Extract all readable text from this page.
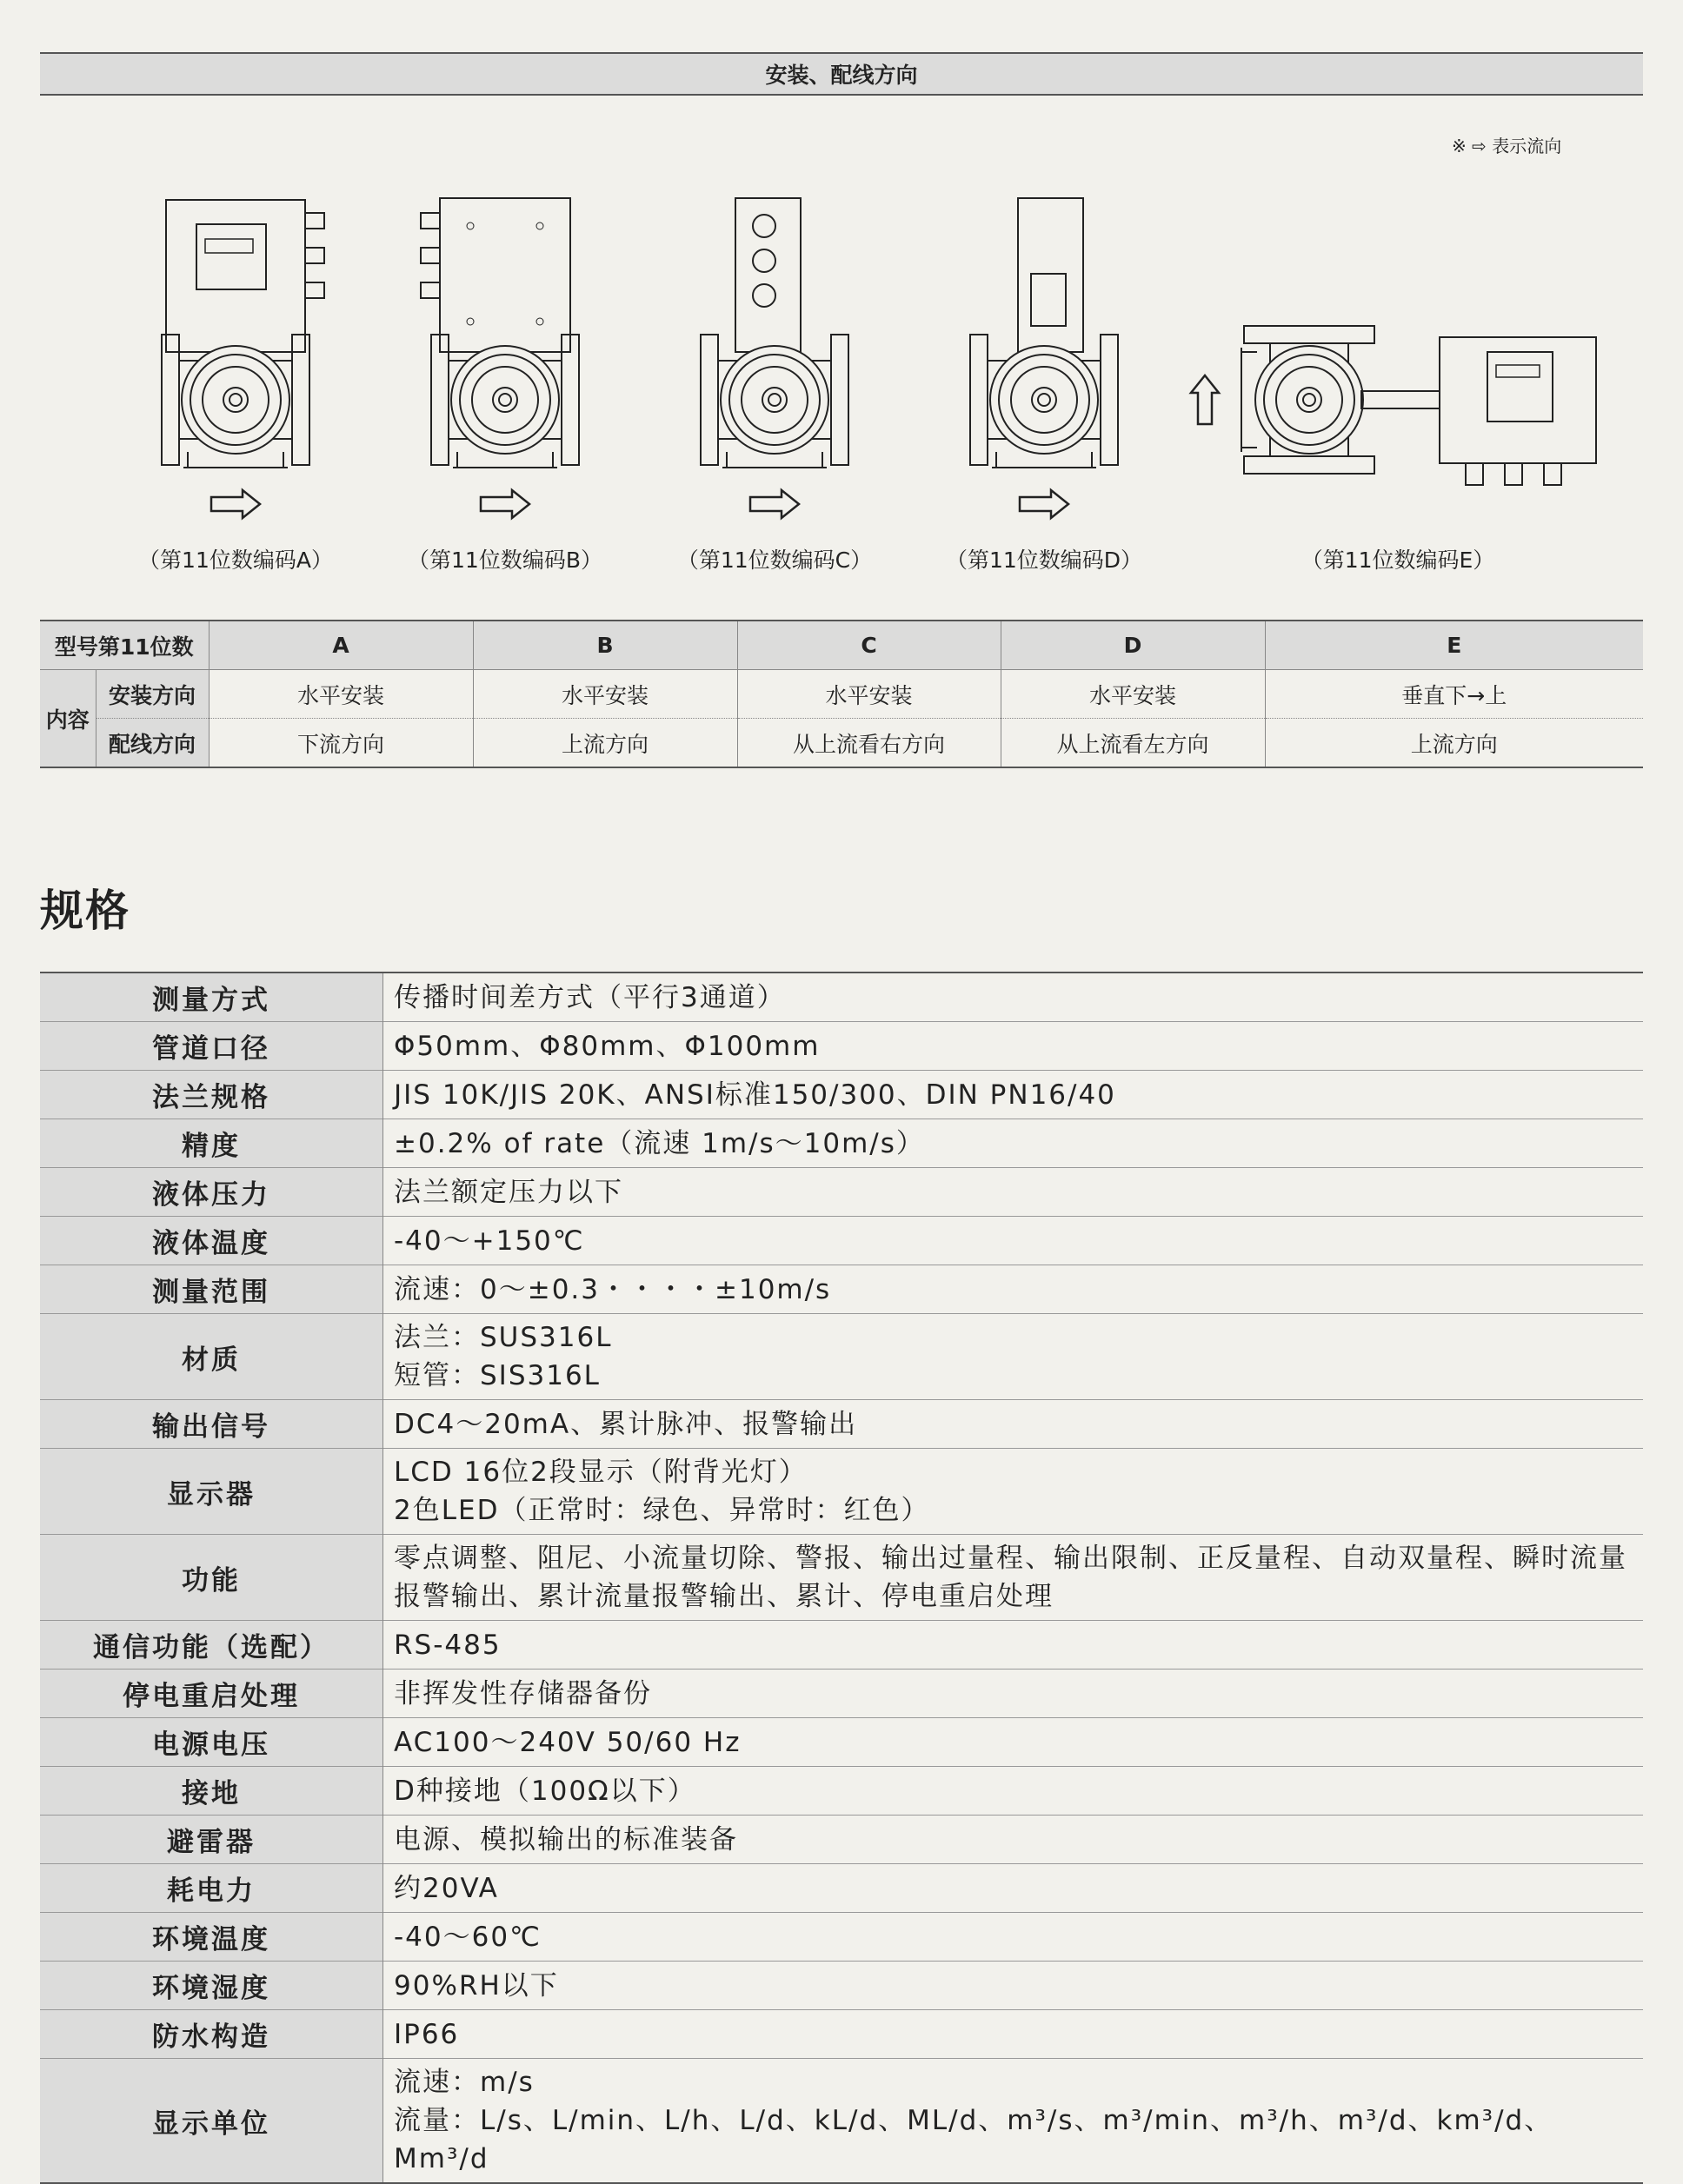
安装、配线方向
※ ⇨ 表示流向
（第11位数编码A）	（第11位数编码B）	（第11位数编码C）	（第11位数编码D）	（第11位数编码E）
型号第11位数		A	B	C	D	E
内容	安装方向	水平安装	水平安装	水平安装	水平安装	垂直下→上
	配线方向	下流方向	上流方向	从上流看右方向	从上流看左方向	上流方向
规格
测量方式	传播时间差方式（平行3通道）

管道口径	Φ50mm、Φ80mm、Φ100mm

法兰规格	JIS 10K/JIS 20K、ANSI标准150/300、DIN PN16/40

精度	±0.2% of rate（流速 1m/s～10m/s）

液体压力	法兰额定压力以下

液体温度	-40～+150℃

测量范围	流速：0～±0.3・・・・±10m/s

材质	法兰：SUS316L
短管：SIS316L

输出信号	DC4～20mA、累计脉冲、报警输出

显示器	LCD 16位2段显示（附背光灯）
2色LED（正常时：绿色、异常时：红色）

功能	零点调整、阻尼、小流量切除、警报、输出过量程、输出限制、正反量程、自动双量程、瞬时流量
报警输出、累计流量报警输出、累计、停电重启处理

通信功能（选配）	RS-485

停电重启处理	非挥发性存储器备份

电源电压	AC100～240V 50/60 Hz

接地	D种接地（100Ω以下）

避雷器	电源、模拟输出的标准装备

耗电力	约20VA

环境温度	-40～60℃

环境湿度	90%RH以下

防水构造	IP66

显示单位	流速：m/s
流量：L/s、L/min、L/h、L/d、kL/d、ML/d、m³/s、m³/min、m³/h、m³/d、km³/d、Mm³/d
